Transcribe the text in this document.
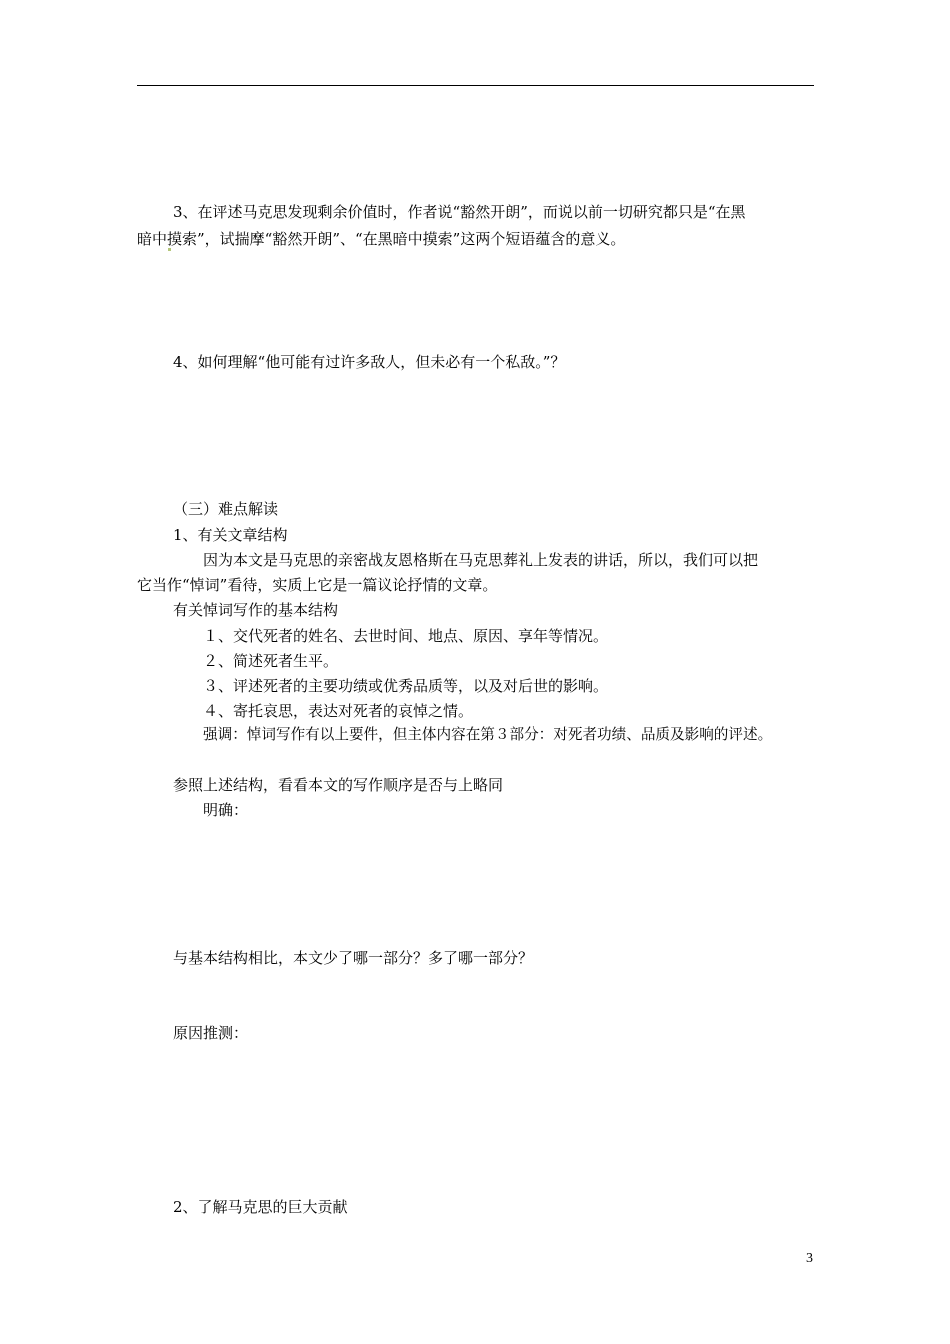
3、在评述马克思发现剩余价值时，作者说“豁然开朗”，而说以前一切研究都只是“在黑
暗中摸索”，试揣摩“豁然开朗”、“在黑暗中摸索”这两个短语蕴含的意义。
4、如何理解“他可能有过许多敌人，但未必有一个私敌。”？
（三）难点解读
1、有关文章结构
因为本文是马克思的亲密战友恩格斯在马克思葬礼上发表的讲话，所以，我们可以把
它当作“悼词”看待，实质上它是一篇议论抒情的文章。
有关悼词写作的基本结构
１、交代死者的姓名、去世时间、地点、原因、享年等情况。
２、简述死者生平。
３、评述死者的主要功绩或优秀品质等，以及对后世的影响。
４、寄托哀思，表达对死者的哀悼之情。
强调：悼词写作有以上要件，但主体内容在第３部分：对死者功绩、品质及影响的评述。
参照上述结构，看看本文的写作顺序是否与上略同
明确：
与基本结构相比，本文少了哪一部分？多了哪一部分？
原因推测：
2、了解马克思的巨大贡献
3
